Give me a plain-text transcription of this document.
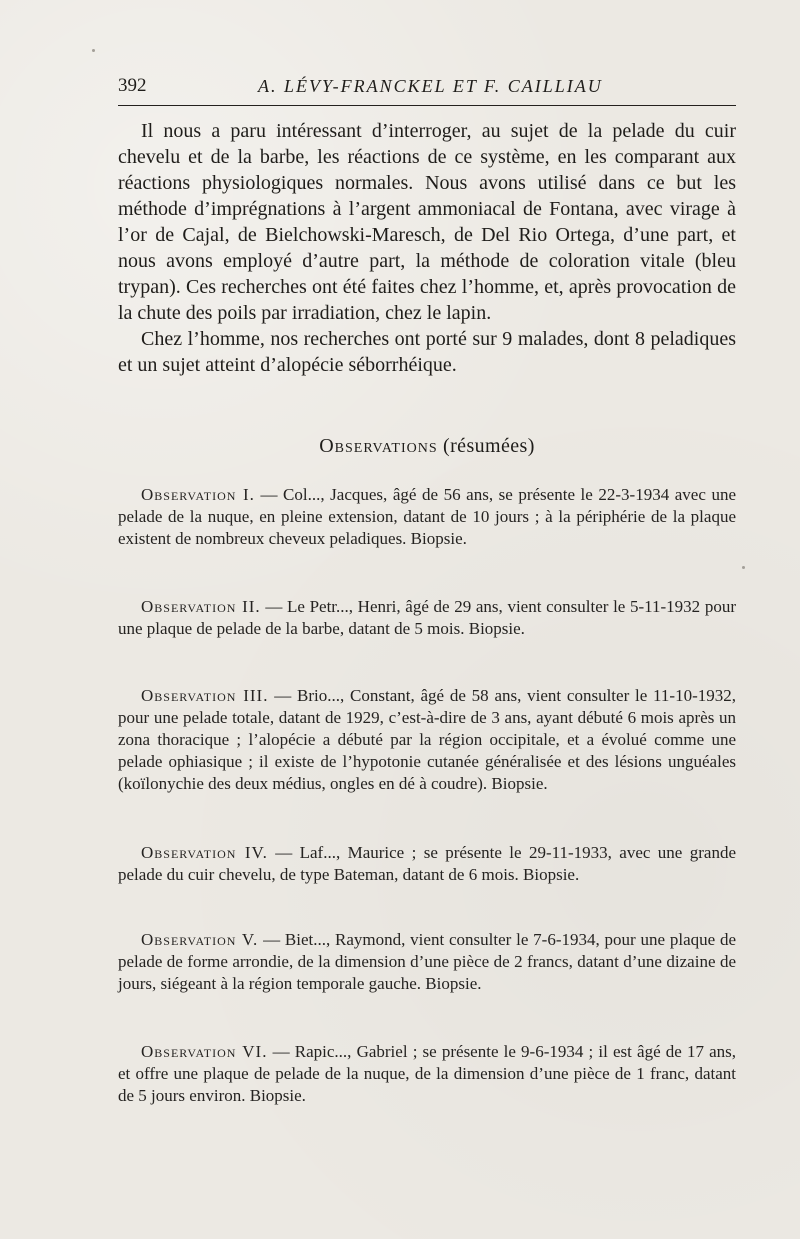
392	A. LÉVY-FRANCKEL ET F. CAILLIAU

Il nous a paru intéressant d’interroger, au sujet de la pelade du cuir chevelu et de la barbe, les réactions de ce système, en les comparant aux réactions physiologiques normales. Nous avons utilisé dans ce but les méthode d’imprégnations à l’argent ammoniacal de Fontana, avec virage à l’or de Cajal, de Bielchowski-Maresch, de Del Rio Ortega, d’une part, et nous avons employé d’autre part, la méthode de coloration vitale (bleu trypan). Ces recherches ont été faites chez l’homme, et, après provocation de la chute des poils par irradiation, chez le lapin.

Chez l’homme, nos recherches ont porté sur 9 malades, dont 8 peladiques et un sujet atteint d’alopécie séborrhéique.

Observations (résumées)

Observation I. — Col..., Jacques, âgé de 56 ans, se présente le 22-3-1934 avec une pelade de la nuque, en pleine extension, datant de 10 jours ; à la périphérie de la plaque existent de nombreux cheveux peladiques. Biopsie.

Observation II. — Le Petr..., Henri, âgé de 29 ans, vient consulter le 5-11-1932 pour une plaque de pelade de la barbe, datant de 5 mois. Biopsie.

Observation III. — Brio..., Constant, âgé de 58 ans, vient consulter le 11-10-1932, pour une pelade totale, datant de 1929, c’est-à-dire de 3 ans, ayant débuté 6 mois après un zona thoracique ; l’alopécie a débuté par la région occipitale, et a évolué comme une pelade ophiasique ; il existe de l’hypotonie cutanée généralisée et des lésions unguéales (koïlonychie des deux médius, ongles en dé à coudre). Biopsie.

Observation IV. — Laf..., Maurice ; se présente le 29-11-1933, avec une grande pelade du cuir chevelu, de type Bateman, datant de 6 mois. Biopsie.

Observation V. — Biet..., Raymond, vient consulter le 7-6-1934, pour une plaque de pelade de forme arrondie, de la dimension d’une pièce de 2 francs, datant d’une dizaine de jours, siégeant à la région temporale gauche. Biopsie.

Observation VI. — Rapic..., Gabriel ; se présente le 9-6-1934 ; il est âgé de 17 ans, et offre une plaque de pelade de la nuque, de la dimension d’une pièce de 1 franc, datant de 5 jours environ. Biopsie.
